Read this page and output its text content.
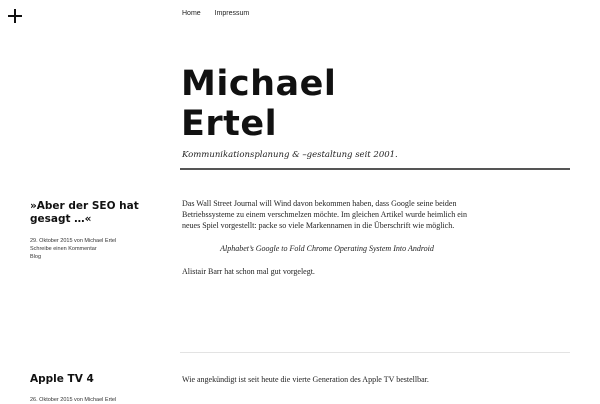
Home Impressum
Michael
Ertel

Kommunikationsplanung & –gestaltung seit 2001.

»Aber der SEO hat gesagt …«
29. Oktober 2015 von Michael Ertel
Schreibe einen Kommentar
Blog

Das Wall Street Journal will Wind davon bekommen haben, dass Google seine beiden Betriebssysteme zu einem verschmelzen möchte. Im gleichen Artikel wurde heimlich ein neues Spiel vorgestellt: packe so viele Markennamen in die Überschrift wie möglich.

Alphabet’s Google to Fold Chrome Operating System Into Android

Alistair Barr hat schon mal gut vorgelegt.

Apple TV 4
26. Oktober 2015 von Michael Ertel

Wie angekündigt ist seit heute die vierte Generation des Apple TV bestellbar.
